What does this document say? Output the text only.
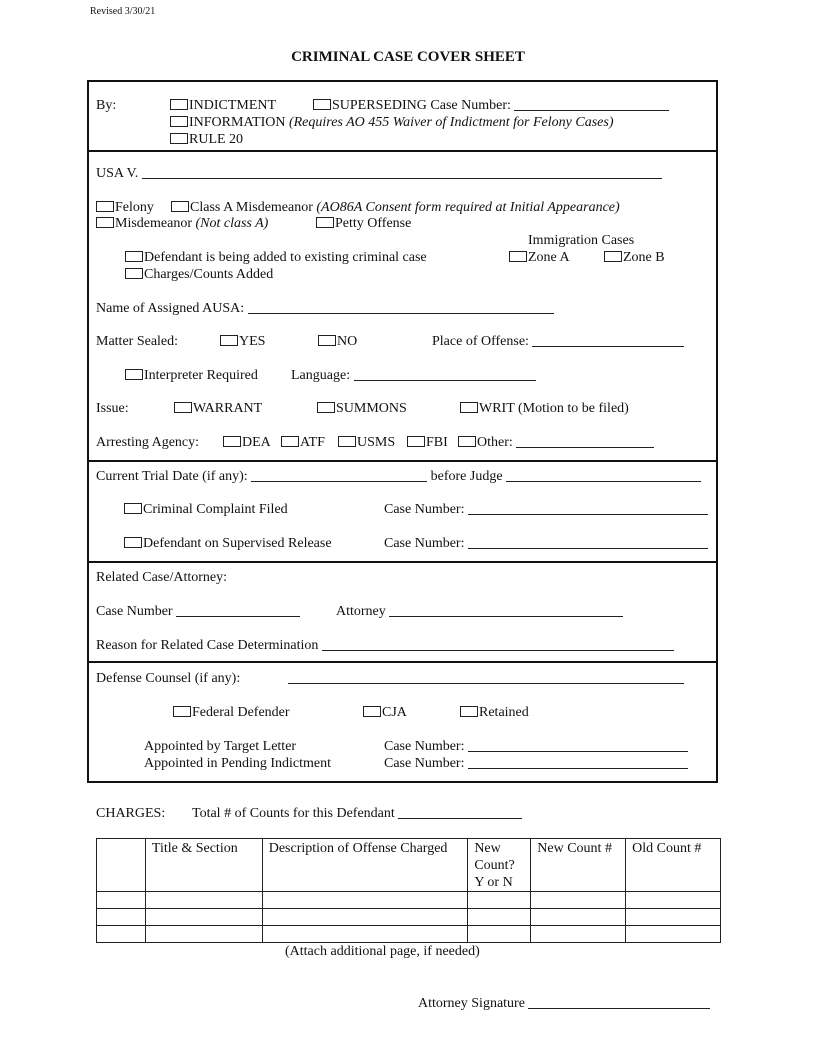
Revised 3/30/21
CRIMINAL CASE COVER SHEET
By:	INDICTMENT	SUPERSEDING Case Number:
INFORMATION (Requires AO 455 Waiver of Indictment for Felony Cases)
RULE 20
USA V.
Felony	Class A Misdemeanor (AO86A Consent form required at Initial Appearance)
Misdemeanor (Not class A)	Petty Offense
Immigration Cases
Zone A	Zone B
Defendant is being added to existing criminal case
Charges/Counts Added
Name of Assigned AUSA:
Matter Sealed:	YES	NO	Place of Offense:
Interpreter Required Language:
Issue:	WARRANT	SUMMONS	WRIT (Motion to be filed)
Arresting Agency:	DEA	ATF	USMS	FBI	Other:
Current Trial Date (if any):	before Judge
Criminal Complaint Filed	Case Number:
Defendant on Supervised Release	Case Number:
Related Case/Attorney:
Case Number	Attorney
Reason for Related Case Determination
Defense Counsel (if any):
Federal Defender	CJA	Retained
Appointed by Target Letter	Case Number:
Appointed in Pending Indictment	Case Number:
CHARGES: Total # of Counts for this Defendant
	Title & Section	Description of Offense Charged	New Count? Y or N	New Count #	Old Count #

(Attach additional page, if needed)
Attorney Signature
